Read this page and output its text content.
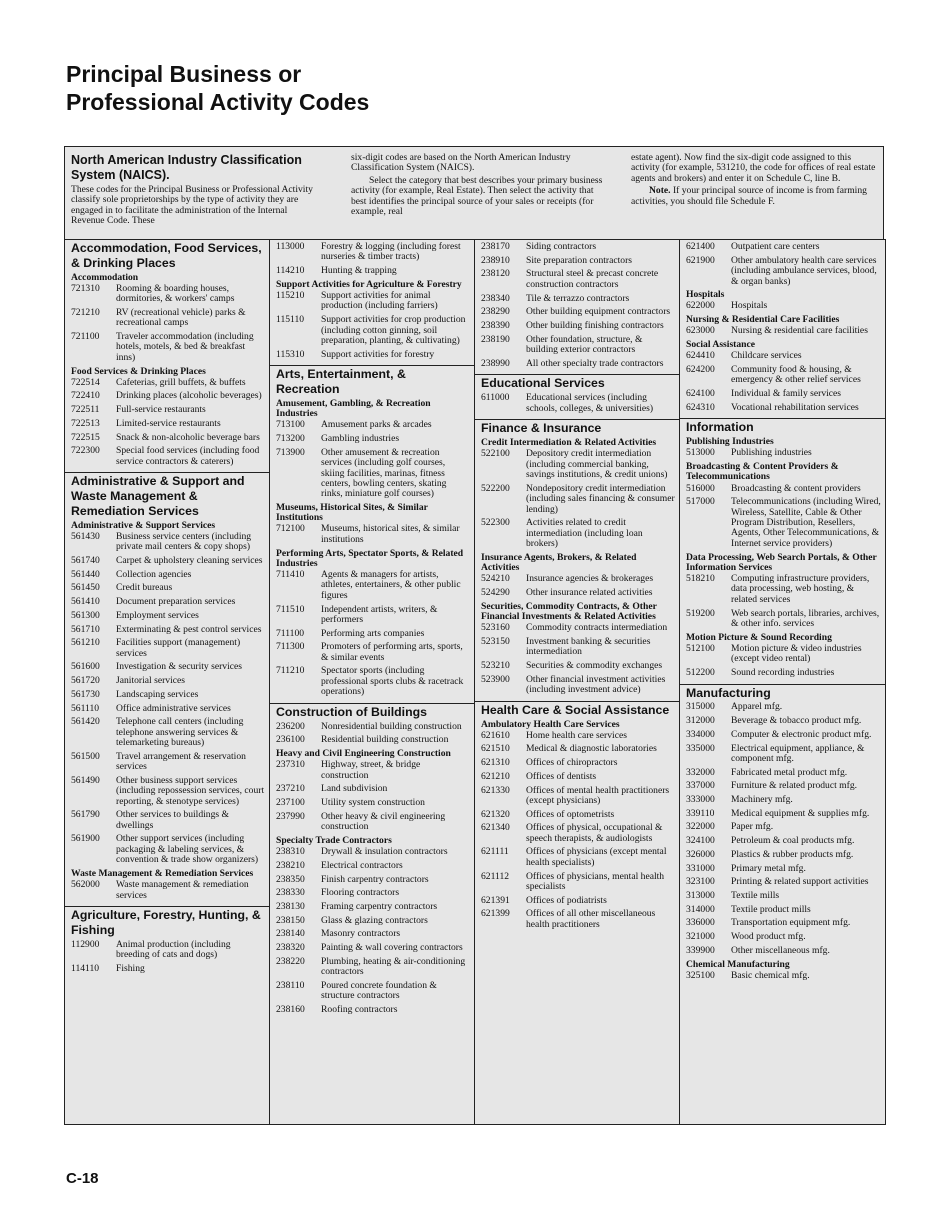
Principal Business or Professional Activity Codes
North American Industry Classification System (NAICS).

These codes for the Principal Business or Professional Activity classify sole proprietorships by the type of activity they are engaged in to facilitate the administration of the Internal Revenue Code. These

six-digit codes are based on the North American Industry Classification System (NAICS).

Select the category that best describes your primary business activity (for example, Real Estate). Then select the activity that best identifies the principal source of your sales or receipts (for example, real

estate agent). Now find the six-digit code assigned to this activity (for example, 531210, the code for offices of real estate agents and brokers) and enter it on Schedule C, line B.

Note. If your principal source of income is from farming activities, you should file Schedule F.

Accommodation, Food Services, & Drinking Places
Accommodation
721310	Rooming & boarding houses, dormitories, & workers' camps
721210	RV (recreational vehicle) parks & recreational camps
721100	Traveler accommodation (including hotels, motels, & bed & breakfast inns)
Food Services & Drinking Places
722514	Cafeterias, grill buffets, & buffets
722410	Drinking places (alcoholic beverages)
722511	Full-service restaurants
722513	Limited-service restaurants
722515	Snack & non-alcoholic beverage bars
722300	Special food services (including food service contractors & caterers)
Administrative & Support and Waste Management & Remediation Services
Administrative & Support Services
561430	Business service centers (including private mail centers & copy shops)
561740	Carpet & upholstery cleaning services
561440	Collection agencies
561450	Credit bureaus
561410	Document preparation services
561300	Employment services
561710	Exterminating & pest control services
561210	Facilities support (management) services
561600	Investigation & security services
561720	Janitorial services
561730	Landscaping services
561110	Office administrative services
561420	Telephone call centers (including telephone answering services & telemarketing bureaus)
561500	Travel arrangement & reservation services
561490	Other business support services (including repossession services, court reporting, & stenotype services)
561790	Other services to buildings & dwellings
561900	Other support services (including packaging & labeling services, & convention & trade show organizers)
Waste Management & Remediation Services
562000	Waste management & remediation services
Agriculture, Forestry, Hunting, & Fishing
112900	Animal production (including breeding of cats and dogs)
114110	Fishing
113000	Forestry & logging (including forest nurseries & timber tracts)
114210	Hunting & trapping
Support Activities for Agriculture & Forestry
115210	Support activities for animal production (including farriers)
115110	Support activities for crop production (including cotton ginning, soil preparation, planting, & cultivating)
115310	Support activities for forestry
Arts, Entertainment, & Recreation
Amusement, Gambling, & Recreation Industries
713100	Amusement parks & arcades
713200	Gambling industries
713900	Other amusement & recreation services (including golf courses, skiing facilities, marinas, fitness centers, bowling centers, skating rinks, miniature golf courses)
Museums, Historical Sites, & Similar Institutions
712100	Museums, historical sites, & similar institutions
Performing Arts, Spectator Sports, & Related Industries
711410	Agents & managers for artists, athletes, entertainers, & other public figures
711510	Independent artists, writers, & performers
711100	Performing arts companies
711300	Promoters of performing arts, sports, & similar events
711210	Spectator sports (including professional sports clubs & racetrack operations)
Construction of Buildings
236200	Nonresidential building construction
236100	Residential building construction
Heavy and Civil Engineering Construction
237310	Highway, street, & bridge construction
237210	Land subdivision
237100	Utility system construction
237990	Other heavy & civil engineering construction
Specialty Trade Contractors
238310	Drywall & insulation contractors
238210	Electrical contractors
238350	Finish carpentry contractors
238330	Flooring contractors
238130	Framing carpentry contractors
238150	Glass & glazing contractors
238140	Masonry contractors
238320	Painting & wall covering contractors
238220	Plumbing, heating & air-conditioning contractors
238110	Poured concrete foundation & structure contractors
238160	Roofing contractors
238170	Siding contractors
238910	Site preparation contractors
238120	Structural steel & precast concrete construction contractors
238340	Tile & terrazzo contractors
238290	Other building equipment contractors
238390	Other building finishing contractors
238190	Other foundation, structure, & building exterior contractors
238990	All other specialty trade contractors
Educational Services
611000	Educational services (including schools, colleges, & universities)
Finance & Insurance
Credit Intermediation & Related Activities
522100	Depository credit intermediation (including commercial banking, savings institutions, & credit unions)
522200	Nondepository credit intermediation (including sales financing & consumer lending)
522300	Activities related to credit intermediation (including loan brokers)
Insurance Agents, Brokers, & Related Activities
524210	Insurance agencies & brokerages
524290	Other insurance related activities
Securities, Commodity Contracts, & Other Financial Investments & Related Activities
523160	Commodity contracts intermediation
523150	Investment banking & securities intermediation
523210	Securities & commodity exchanges
523900	Other financial investment activities (including investment advice)
Health Care & Social Assistance
Ambulatory Health Care Services
621610	Home health care services
621510	Medical & diagnostic laboratories
621310	Offices of chiropractors
621210	Offices of dentists
621330	Offices of mental health practitioners (except physicians)
621320	Offices of optometrists
621340	Offices of physical, occupational & speech therapists, & audiologists
621111	Offices of physicians (except mental health specialists)
621112	Offices of physicians, mental health specialists
621391	Offices of podiatrists
621399	Offices of all other miscellaneous health practitioners
621400	Outpatient care centers
621900	Other ambulatory health care services (including ambulance services, blood, & organ banks)
Hospitals
622000	Hospitals
Nursing & Residential Care Facilities
623000	Nursing & residential care facilities
Social Assistance
624410	Childcare services
624200	Community food & housing, & emergency & other relief services
624100	Individual & family services
624310	Vocational rehabilitation services
Information
Publishing Industries
513000	Publishing industries
Broadcasting & Content Providers & Telecommunications
516000	Broadcasting & content providers
517000	Telecommunications (including Wired, Wireless, Satellite, Cable & Other Program Distribution, Resellers, Agents, Other Telecommunications, & Internet service providers)
Data Processing, Web Search Portals, & Other Information Services
518210	Computing infrastructure providers, data processing, web hosting, & related services
519200	Web search portals, libraries, archives, & other info. services
Motion Picture & Sound Recording
512100	Motion picture & video industries (except video rental)
512200	Sound recording industries
Manufacturing
315000	Apparel mfg.
312000	Beverage & tobacco product mfg.
334000	Computer & electronic product mfg.
335000	Electrical equipment, appliance, & component mfg.
332000	Fabricated metal product mfg.
337000	Furniture & related product mfg.
333000	Machinery mfg.
339110	Medical equipment & supplies mfg.
322000	Paper mfg.
324100	Petroleum & coal products mfg.
326000	Plastics & rubber products mfg.
331000	Primary metal mfg.
323100	Printing & related support activities
313000	Textile mills
314000	Textile product mills
336000	Transportation equipment mfg.
321000	Wood product mfg.
339900	Other miscellaneous mfg.
Chemical Manufacturing
325100	Basic chemical mfg.

C-18
